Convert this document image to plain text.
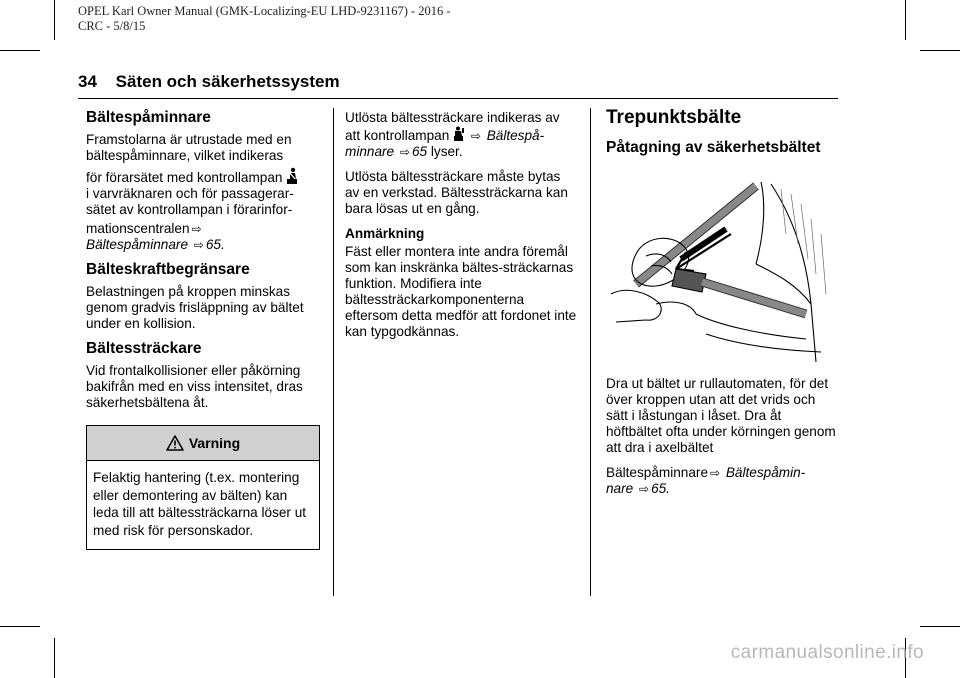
OPEL Karl Owner Manual (GMK-Localizing-EU LHD-9231167) - 2016 -
CRC - 5/8/15
34 Säten och säkerhetssystem
Bältespåminnare
Framstolarna är utrustade med en
bältespåminnare, vilket indikeras
för förarsätet med kontrollampan
i varvräknaren och för passagerar-
sätet av kontrollampan i förarinfor-
mationscentralen ⇨
Bältespåminnare ⇨ 65.
Bälteskraftbegränsare

Belastningen på kroppen minskas genom gradvis frisläppning av bältet under en kollision.

Bältessträckare

Vid frontalkollisioner eller påkörning bakifrån med en viss intensitet, dras säkerhetsbältena åt.

Varning
Felaktig hantering (t.ex. montering eller demontering av bälten) kan leda till att bältessträckarna löser ut med risk för personskador.

Utlösta bältessträckare indikeras av att kontrollampan ⇨ Bältespå-minnare ⇨ 65 lyser.

Utlösta bältessträckare måste bytas av en verkstad. Bältessträckarna kan bara lösas ut en gång.

Anmärkning

Fäst eller montera inte andra föremål som kan inskränka bältes-sträckarnas funktion. Modifiera inte bältessträckarkomponenterna eftersom detta medför att fordonet inte kan typgodkännas.

Trepunktsbälte
Påtagning av säkerhetsbältet

Dra ut bältet ur rullautomaten, för det över kroppen utan att det vrids och sätt i låstungan i låset. Dra åt höftbältet ofta under körningen genom att dra i axelbältet

Bältespåminnare ⇨ Bältespåmin-
nare ⇨ 65.

carmanualsonline.info
